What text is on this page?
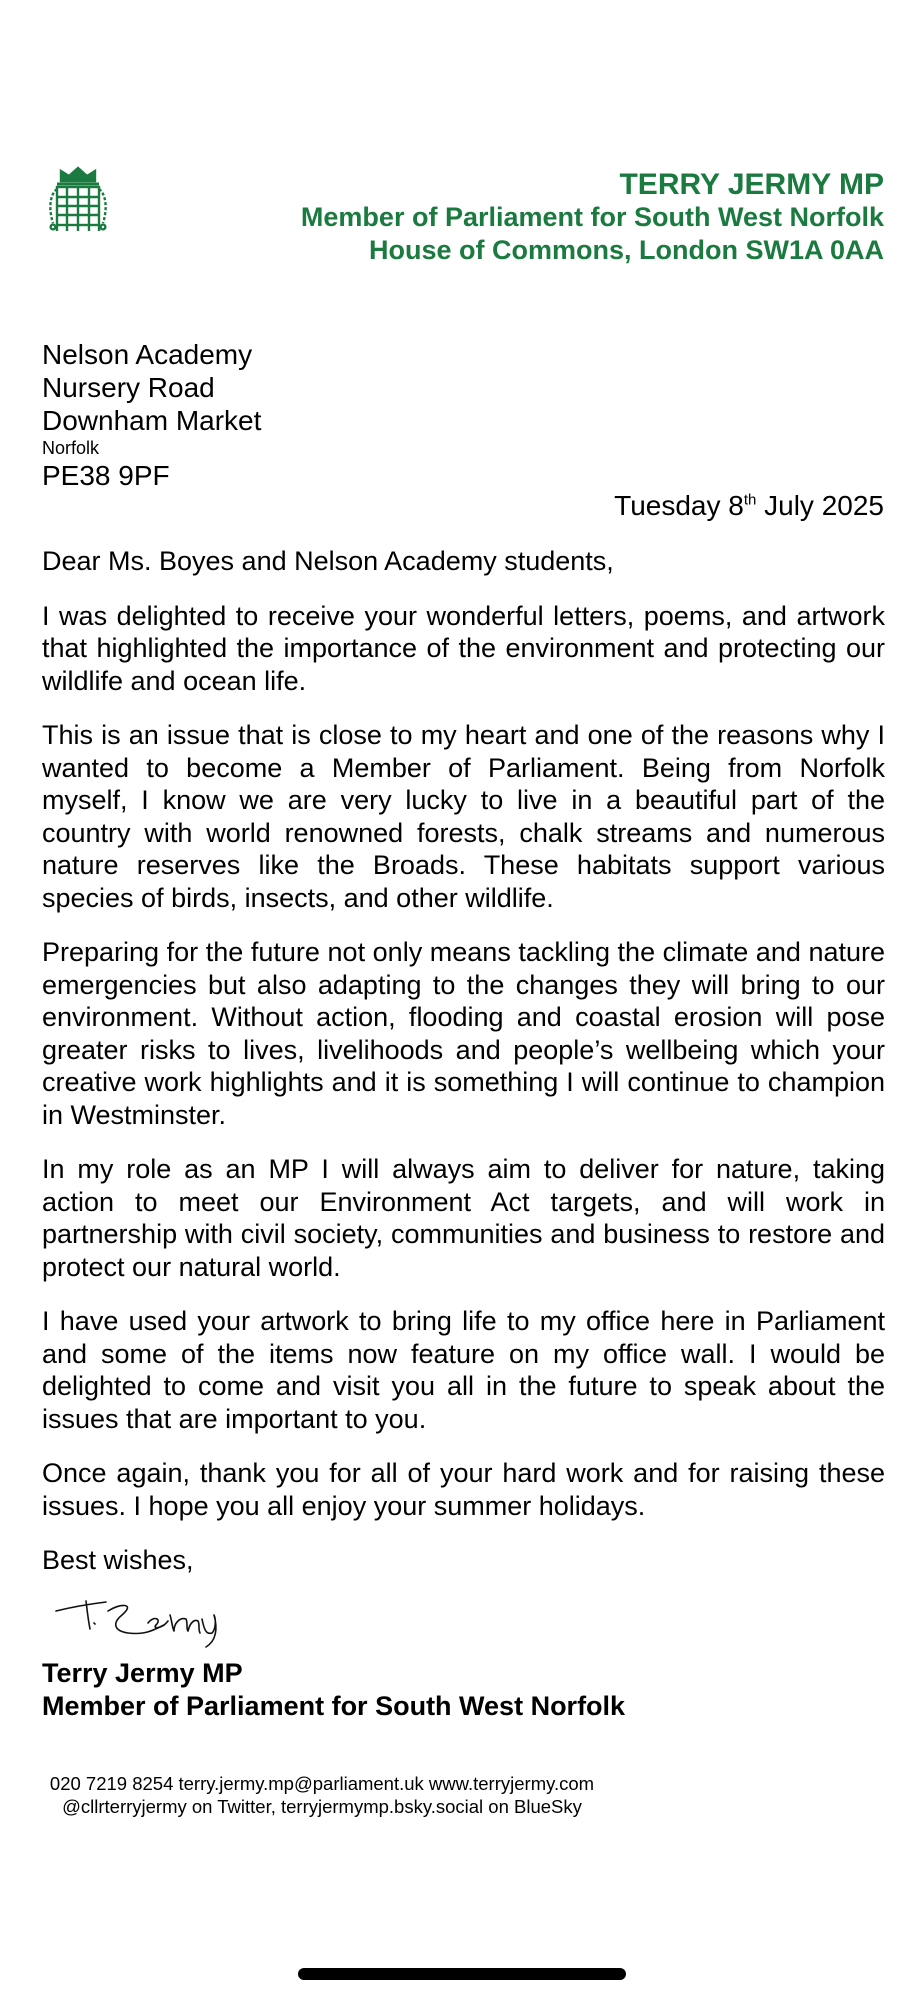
TERRY JERMY MP
Member of Parliament for South West Norfolk
House of Commons, London SW1A 0AA
Nelson Academy
Nursery Road
Downham Market
Norfolk
PE38 9PF
Tuesday 8th July 2025

Dear Ms. Boyes and Nelson Academy students,

I was delighted to receive your wonderful letters, poems, and artwork that highlighted the importance of the environment and protecting our wildlife and ocean life.

This is an issue that is close to my heart and one of the reasons why I wanted to become a Member of Parliament. Being from Norfolk myself, I know we are very lucky to live in a beautiful part of the country with world renowned forests, chalk streams and numerous nature reserves like the Broads. These habitats support various species of birds, insects, and other wildlife.

Preparing for the future not only means tackling the climate and nature emergencies but also adapting to the changes they will bring to our environment. Without action, flooding and coastal erosion will pose greater risks to lives, livelihoods and people’s wellbeing which your creative work highlights and it is something I will continue to champion in Westminster.

In my role as an MP I will always aim to deliver for nature, taking action to meet our Environment Act targets, and will work in partnership with civil society, communities and business to restore and protect our natural world.

I have used your artwork to bring life to my office here in Parliament and some of the items now feature on my office wall. I would be delighted to come and visit you all in the future to speak about the issues that are important to you.

Once again, thank you for all of your hard work and for raising these issues. I hope you all enjoy your summer holidays.

Best wishes,

Terry Jermy MP
Member of Parliament for South West Norfolk
020 7219 8254 terry.jermy.mp@parliament.uk www.terryjermy.com
@cllrterryjermy on Twitter, terryjermymp.bsky.social on BlueSky
